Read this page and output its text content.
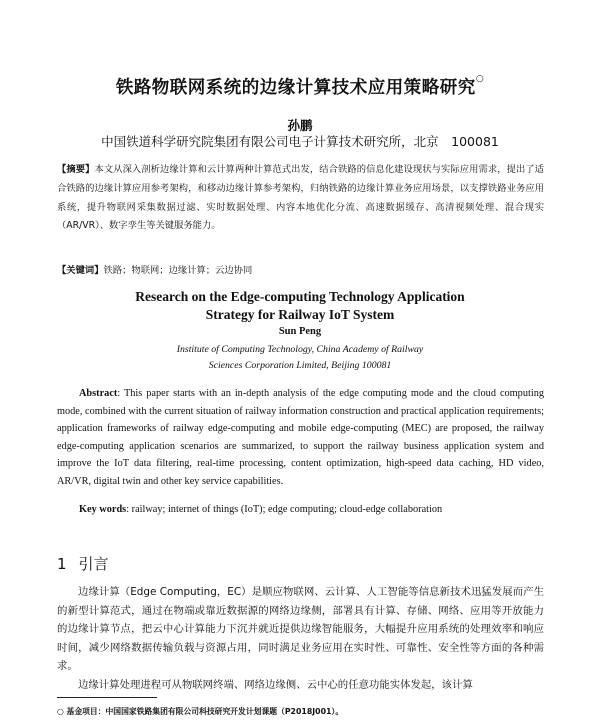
铁路物联网系统的边缘计算技术应用策略研究○
孙鹏
中国铁道科学研究院集团有限公司电子计算技术研究所，北京　100081

【摘要】本文从深入剖析边缘计算和云计算两种计算范式出发，结合铁路的信息化建设现状与实际应用需求，提出了适合铁路的边缘计算应用参考架构，和移动边缘计算参考架构，归纳铁路的边缘计算业务应用场景，以支撑铁路业务应用系统，提升物联网采集数据过滤、实时数据处理、内容本地优化分流、高速数据缓存、高清视频处理、混合现实（AR/VR）、数字孪生等关键服务能力。

【关键词】铁路；物联网；边缘计算；云边协同

Research on the Edge-computing Technology Application
Strategy for Railway IoT System
Sun Peng
Institute of Computing Technology, China Academy of Railway
Sciences Corporation Limited, Beijing 100081

Abstract: This paper starts with an in-depth analysis of the edge computing mode and the cloud computing mode, combined with the current situation of railway information construction and practical application requirements; application frameworks of railway edge-computing and mobile edge-computing (MEC) are proposed, the railway edge-computing application scenarios are summarized, to support the railway business application system and improve the IoT data filtering, real-time processing, content optimization, high-speed data caching, HD video, AR/VR, digital twin and other key service capabilities.

Key words: railway; internet of things (IoT); edge computing; cloud-edge collaboration

1 引言

边缘计算（Edge Computing，EC）是顺应物联网、云计算、人工智能等信息新技术迅猛发展而产生的新型计算范式，通过在物端或靠近数据源的网络边缘侧，部署具有计算、存储、网络、应用等开放能力的边缘计算节点，把云中心计算能力下沉并就近提供边缘智能服务，大幅提升应用系统的处理效率和响应时间，减少网络数据传输负载与资源占用，同时满足业务应用在实时性、可靠性、安全性等方面的各种需求。

边缘计算处理进程可从物联网终端、网络边缘侧、云中心的任意功能实体发起，该计算

○ 基金项目：中国国家铁路集团有限公司科技研究开发计划课题（P2018J001）。
